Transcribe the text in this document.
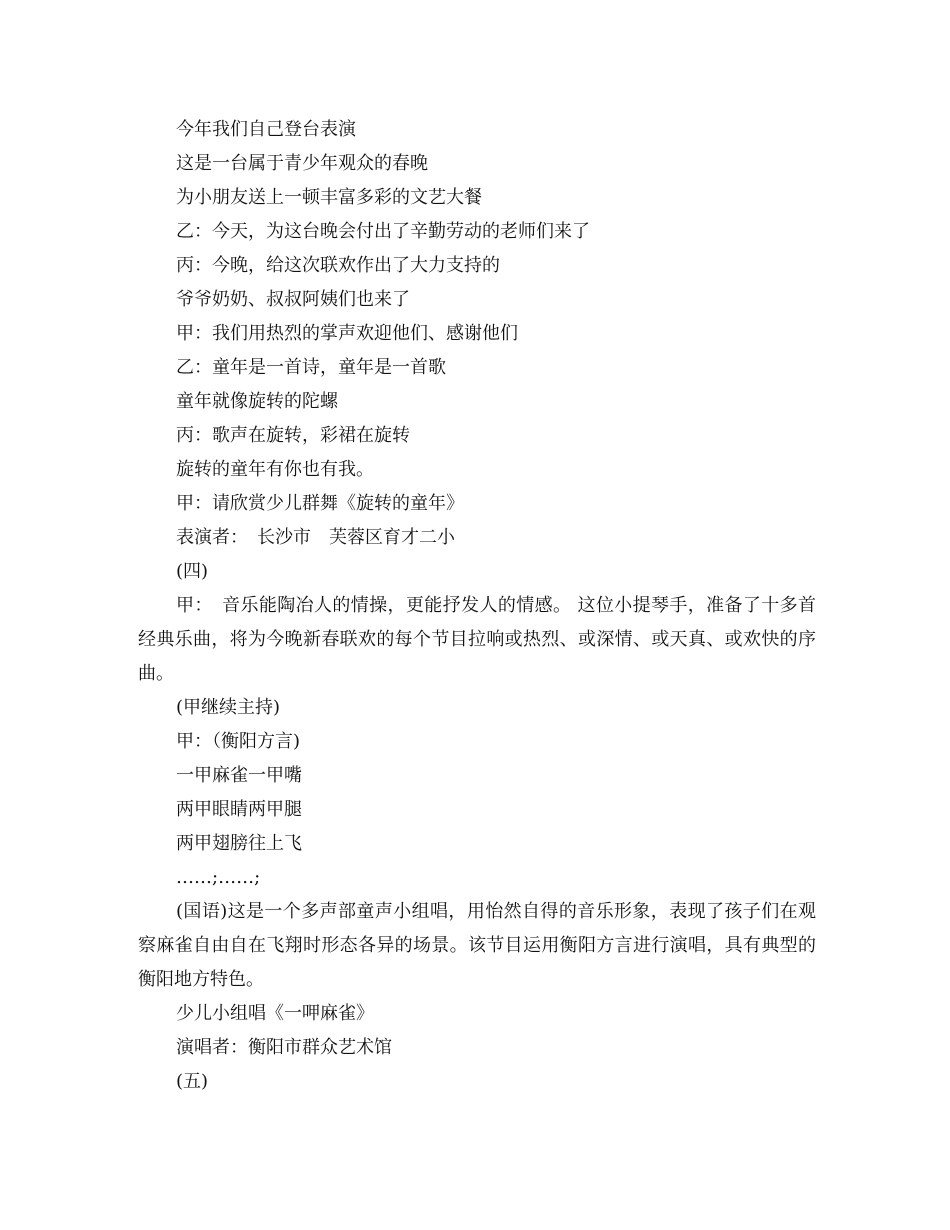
今年我们自己登台表演
这是一台属于青少年观众的春晚
为小朋友送上一顿丰富多彩的文艺大餐
乙：今天，为这台晚会付出了辛勤劳动的老师们来了
丙：今晚，给这次联欢作出了大力支持的
爷爷奶奶、叔叔阿姨们也来了
甲：我们用热烈的掌声欢迎他们、感谢他们
乙：童年是一首诗，童年是一首歌
童年就像旋转的陀螺
丙：歌声在旋转，彩裙在旋转
旋转的童年有你也有我。
甲：请欣赏少儿群舞《旋转的童年》
表演者：　长沙市　芙蓉区育才二小
(四)

甲：　音乐能陶冶人的情操，更能抒发人的情感。 这位小提琴手，准备了十多首经典乐曲，将为今晚新春联欢的每个节目拉响或热烈、或深情、或天真、或欢快的序曲。

(甲继续主持)
甲：（衡阳方言)
一甲麻雀一甲嘴
两甲眼睛两甲腿
两甲翅膀往上飞
……;……;

(国语)这是一个多声部童声小组唱，用怡然自得的音乐形象，表现了孩子们在观察麻雀自由自在飞翔时形态各异的场景。该节目运用衡阳方言进行演唱，具有典型的衡阳地方特色。

少儿小组唱《一呷麻雀》
演唱者：衡阳市群众艺术馆
(五)
